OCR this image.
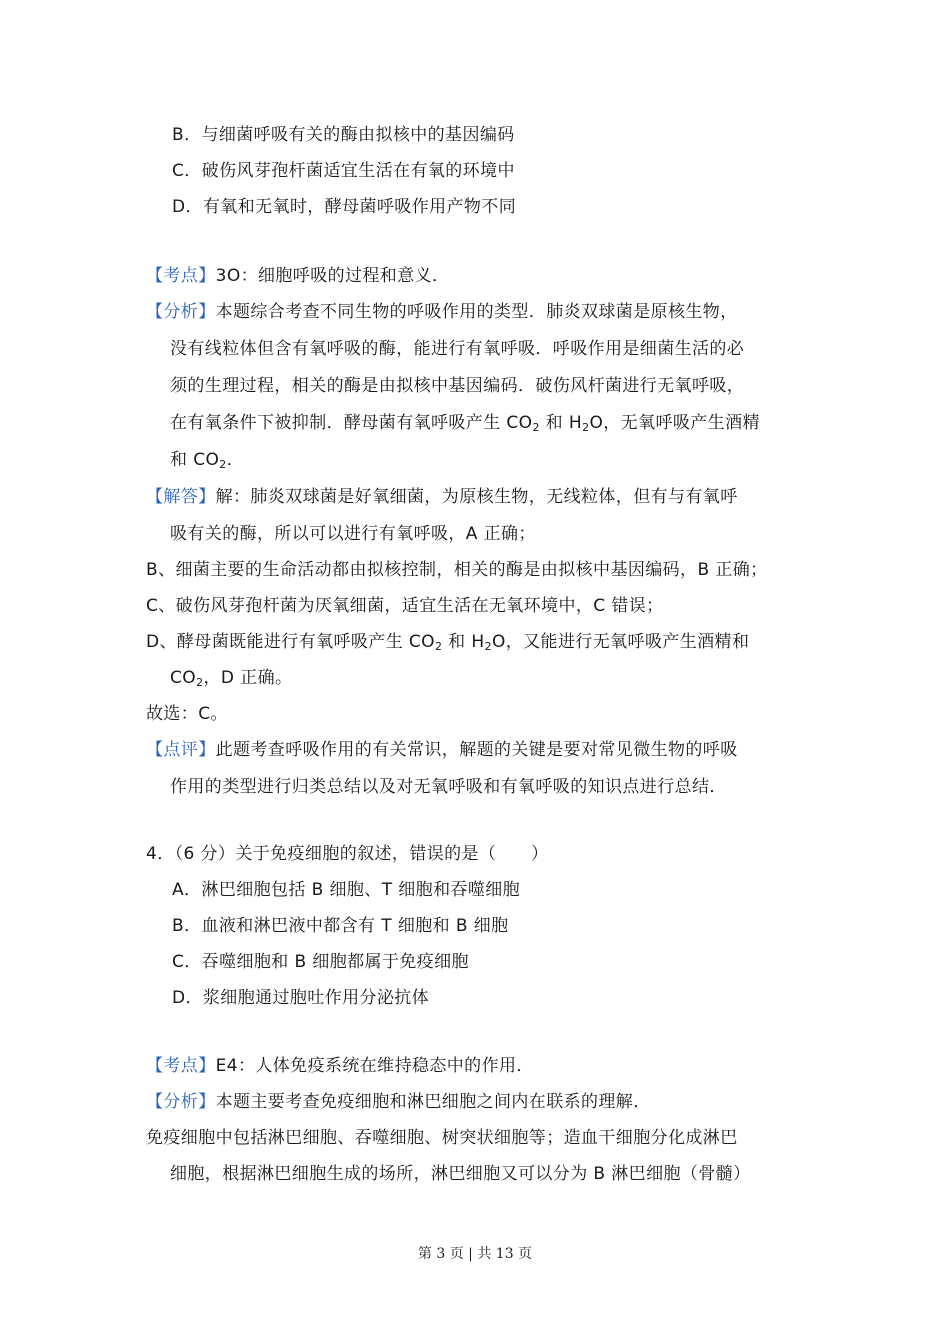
B．与细菌呼吸有关的酶由拟核中的基因编码
C．破伤风芽孢杆菌适宜生活在有氧的环境中
D．有氧和无氧时，酵母菌呼吸作用产物不同
【考点】3O：细胞呼吸的过程和意义．
【分析】本题综合考查不同生物的呼吸作用的类型．肺炎双球菌是原核生物，
没有线粒体但含有氧呼吸的酶，能进行有氧呼吸．呼吸作用是细菌生活的必
须的生理过程，相关的酶是由拟核中基因编码．破伤风杆菌进行无氧呼吸，
在有氧条件下被抑制．酵母菌有氧呼吸产生 $CO_2$ 和 $H_2O$，无氧呼吸产生酒精
和 $CO_2$．
【解答】解：肺炎双球菌是好氧细菌，为原核生物，无线粒体，但有与有氧呼
吸有关的酶，所以可以进行有氧呼吸，A 正确；
B、细菌主要的生命活动都由拟核控制，相关的酶是由拟核中基因编码，B 正确；
C、破伤风芽孢杆菌为厌氧细菌，适宜生活在无氧环境中，C 错误；
D、酵母菌既能进行有氧呼吸产生 $CO_2$ 和 $H_2O$，又能进行无氧呼吸产生酒精和
$CO_2$，D 正确。
故选：C。
【点评】此题考查呼吸作用的有关常识，解题的关键是要对常见微生物的呼吸
作用的类型进行归类总结以及对无氧呼吸和有氧呼吸的知识点进行总结．
4．（6 分）关于免疫细胞的叙述，错误的是（　　）
A．淋巴细胞包括 B 细胞、T 细胞和吞噬细胞
B．血液和淋巴液中都含有 T 细胞和 B 细胞
C．吞噬细胞和 B 细胞都属于免疫细胞
D．浆细胞通过胞吐作用分泌抗体
【考点】E4：人体免疫系统在维持稳态中的作用．
【分析】本题主要考查免疫细胞和淋巴细胞之间内在联系的理解．
免疫细胞中包括淋巴细胞、吞噬细胞、树突状细胞等；造血干细胞分化成淋巴
细胞，根据淋巴细胞生成的场所，淋巴细胞又可以分为 B 淋巴细胞（骨髓）
第 3 页 | 共 13 页
